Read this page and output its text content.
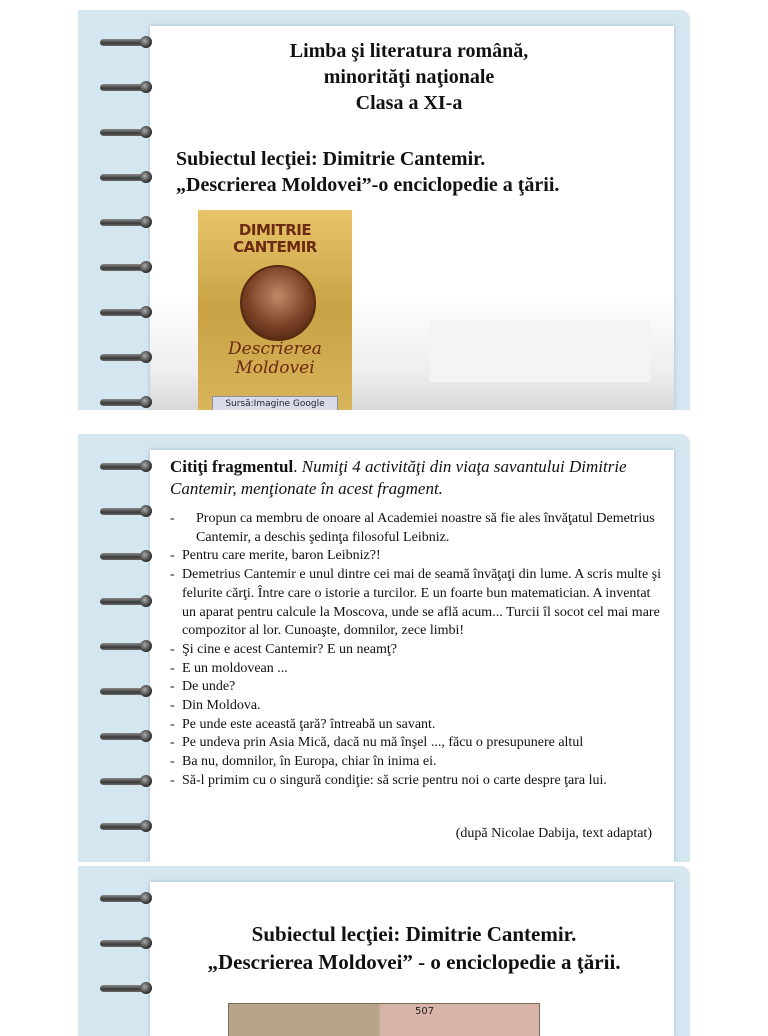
Limba şi literatura română,
minorităţi naţionale
Clasa a XI-a
Subiectul lecţiei: Dimitrie Cantemir.
„Descrierea Moldovei”-o enciclopedie a ţării.
DIMITRIE
CANTEMIR
Descrierea
Moldovei
Sursă:Imagine Google
Citiţi fragmentul. Numiţi 4 activităţi din viaţa savantului Dimitrie Cantemir, menţionate în acest fragment.
- Propun ca membru de onoare al Academiei noastre să fie ales învăţatul Demetrius Cantemir, a deschis şedinţa filosoful Leibniz.
- Pentru care merite, baron Leibniz?!
- Demetrius Cantemir e unul dintre cei mai de seamă învăţaţi din lume. A scris multe şi felurite cărţi. Între care o istorie a turcilor. E un foarte bun matematician. A inventat un aparat pentru calcule la Moscova, unde se află acum... Turcii îl socot cel mai mare compozitor al lor. Cunoaşte, domnilor, zece limbi!
- Şi cine e acest Cantemir? E un neamţ?
- E un moldovean ...
- De unde?
- Din Moldova.
- Pe unde este această ţară? întreabă un savant.
- Pe undeva prin Asia Mică, dacă nu mă înşel ..., făcu o presupunere altul
- Ba nu, domnilor, în Europa, chiar în inima ei.
- Să-l primim cu o singură condiţie: să scrie pentru noi o carte despre ţara lui.
(după Nicolae Dabija, text adaptat)
Subiectul lecţiei: Dimitrie Cantemir.
„Descrierea Moldovei” - o enciclopedie a ţării.
507
